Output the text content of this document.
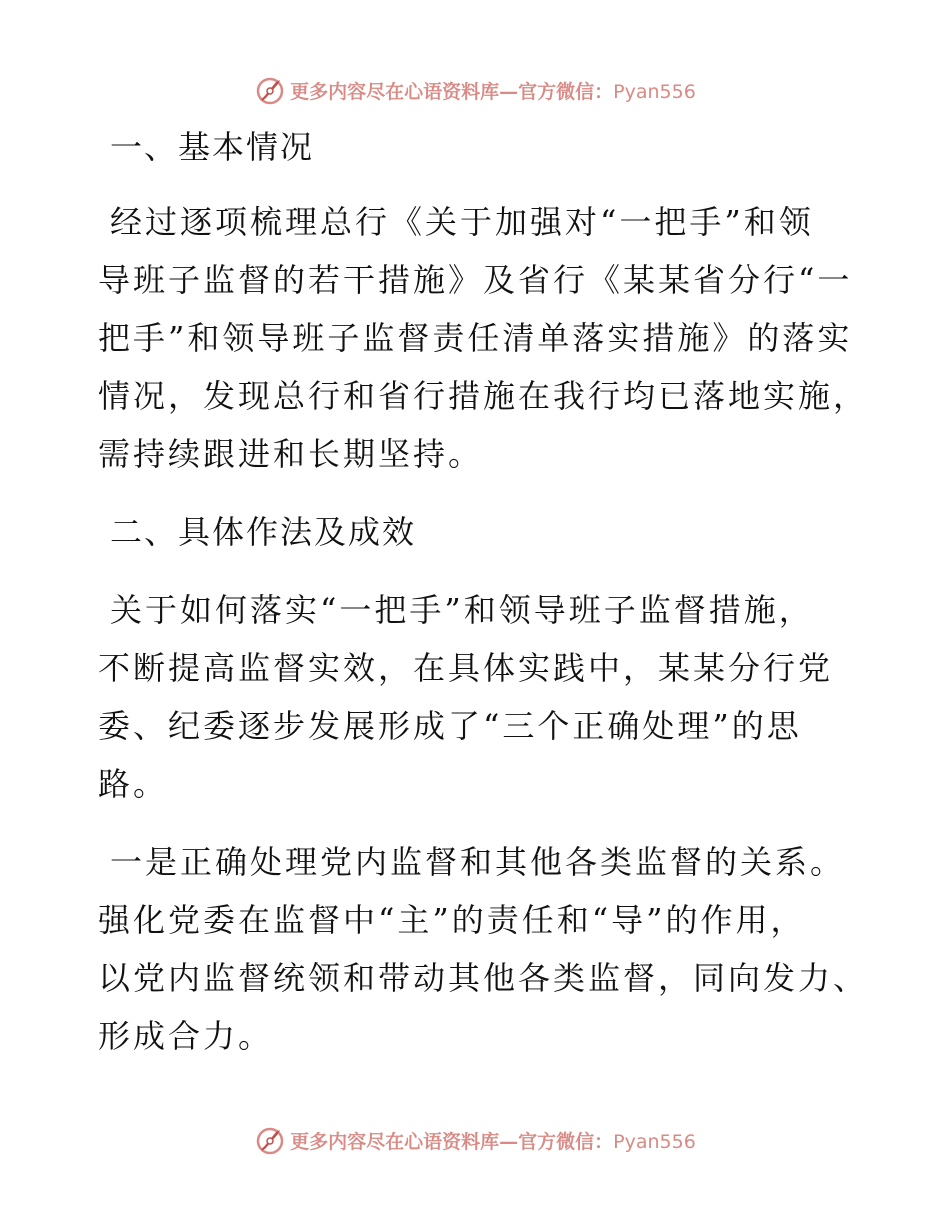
更多内容尽在心语资料库—官方微信：Pyan556
一、基本情况

经过逐项梳理总行《关于加强对“一把手”和领
导班子监督的若干措施》及省行《某某省分行“一
把手”和领导班子监督责任清单落实措施》的落实
情况，发现总行和省行措施在我行均已落地实施，
需持续跟进和长期坚持。

二、具体作法及成效

关于如何落实“一把手”和领导班子监督措施，
不断提高监督实效，在具体实践中，某某分行党
委、纪委逐步发展形成了“三个正确处理”的思
路。

一是正确处理党内监督和其他各类监督的关系。
强化党委在监督中“主”的责任和“导”的作用，
以党内监督统领和带动其他各类监督，同向发力、
形成合力。

更多内容尽在心语资料库—官方微信：Pyan556
